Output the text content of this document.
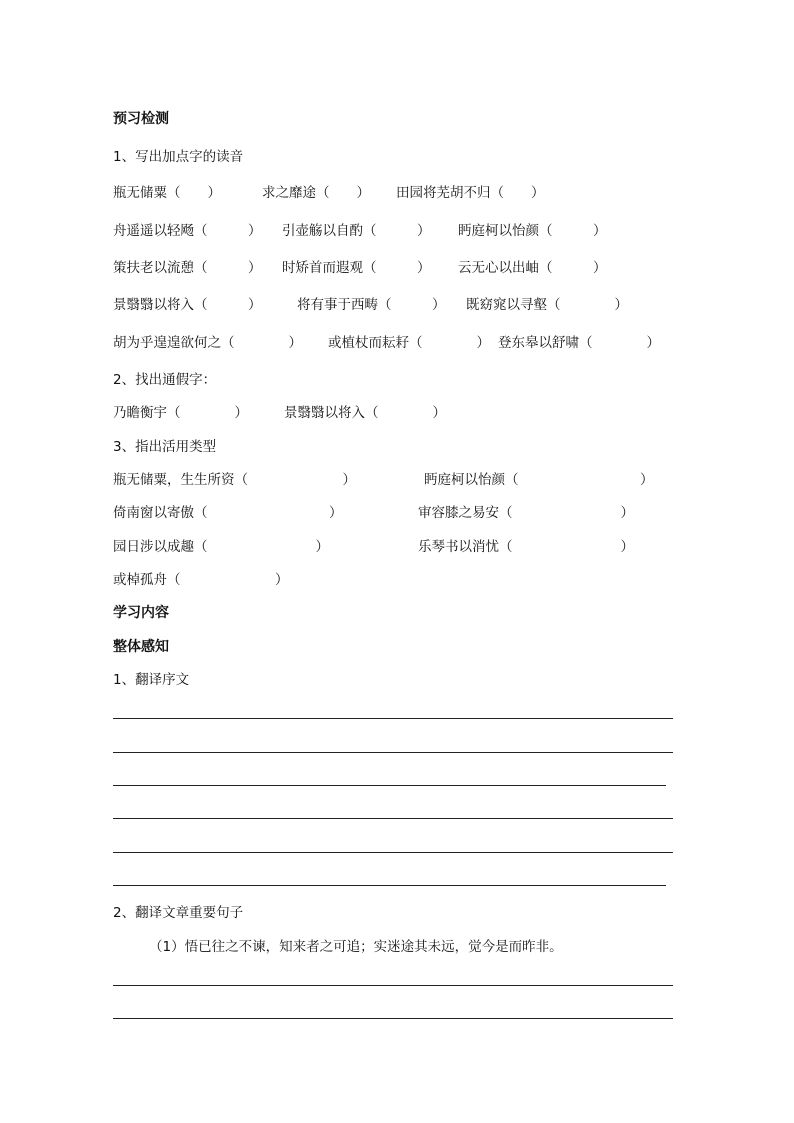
预习检测
1、写出加点字的读音
瓶无储粟（　　）	求之靡途（　　） 田园将芜胡不归（　　）
舟遥遥以轻飏（　　　） 引壶觞以自酌（　　　） 眄庭柯以怡颜（　　　）
策扶老以流憩（　　　） 时矫首而遐观（　　　） 云无心以出岫（　　　）
景翳翳以将入（　　　）	将有事于西畴（　　　） 既窈窕以寻壑（　　　　）
胡为乎遑遑欲何之（　　　　） 或植杖而耘耔（　　　　） 登东皋以舒啸（　　　　）
2、找出通假字：
乃瞻衡宇（　　　　）	景翳翳以将入（　　　　）
3、指出活用类型
瓶无储粟，生生所资（　　　　　　　）	眄庭柯以怡颜（　　　　　　　　　）
倚南窗以寄傲（　　　　　　　　　）	审容膝之易安（　　　　　　　　）
园日涉以成趣（　　　　　　　　）	乐琴书以消忧（　　　　　　　　）
或棹孤舟（　　　　　　　）
学习内容
整体感知
1、翻译序文
2、翻译文章重要句子
（1）悟已往之不谏，知来者之可追；实迷途其未远，觉今是而昨非。
